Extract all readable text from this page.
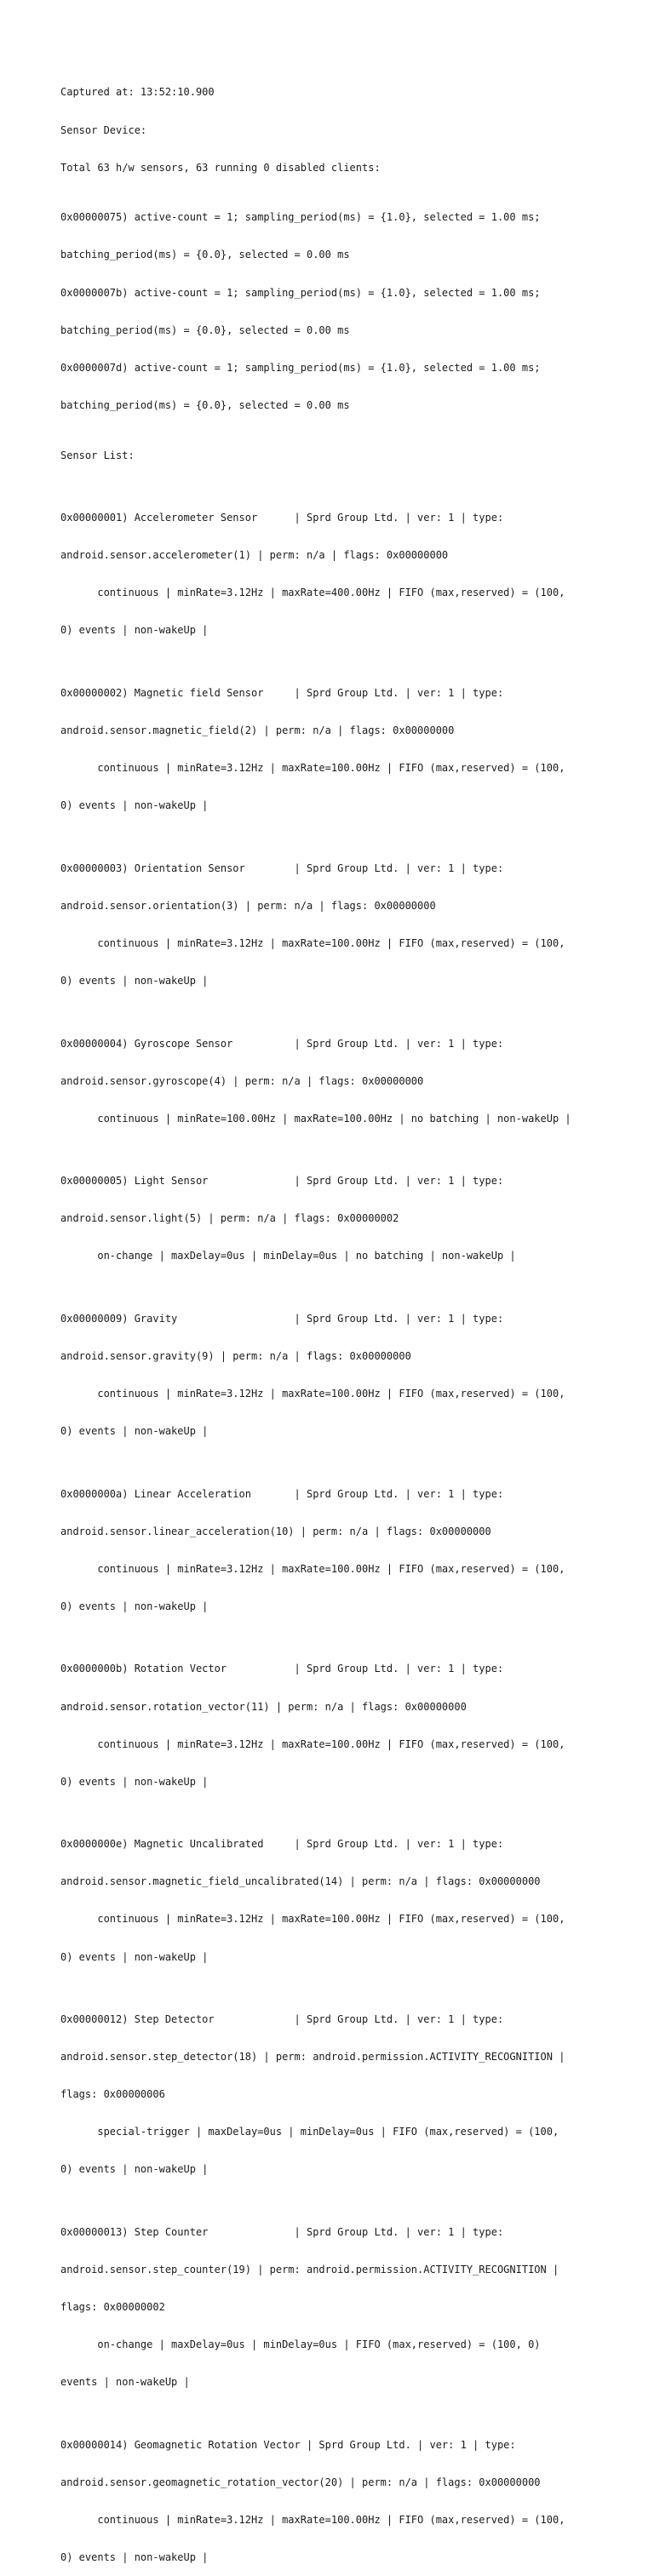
Captured at: 13:52:10.900

Sensor Device:

Total 63 h/w sensors, 63 running 0 disabled clients:

0x00000075) active-count = 1; sampling_period(ms) = {1.0}, selected = 1.00 ms;

batching_period(ms) = {0.0}, selected = 0.00 ms

0x0000007b) active-count = 1; sampling_period(ms) = {1.0}, selected = 1.00 ms;

batching_period(ms) = {0.0}, selected = 0.00 ms

0x0000007d) active-count = 1; sampling_period(ms) = {1.0}, selected = 1.00 ms;

batching_period(ms) = {0.0}, selected = 0.00 ms

Sensor List:

0x00000001) Accelerometer Sensor      | Sprd Group Ltd. | ver: 1 | type:

android.sensor.accelerometer(1) | perm: n/a | flags: 0x00000000

continuous | minRate=3.12Hz | maxRate=400.00Hz | FIFO (max,reserved) = (100,

0) events | non-wakeUp |

0x00000002) Magnetic field Sensor     | Sprd Group Ltd. | ver: 1 | type:

android.sensor.magnetic_field(2) | perm: n/a | flags: 0x00000000

continuous | minRate=3.12Hz | maxRate=100.00Hz | FIFO (max,reserved) = (100,

0) events | non-wakeUp |

0x00000003) Orientation Sensor        | Sprd Group Ltd. | ver: 1 | type:

android.sensor.orientation(3) | perm: n/a | flags: 0x00000000

continuous | minRate=3.12Hz | maxRate=100.00Hz | FIFO (max,reserved) = (100,

0) events | non-wakeUp |

0x00000004) Gyroscope Sensor          | Sprd Group Ltd. | ver: 1 | type:

android.sensor.gyroscope(4) | perm: n/a | flags: 0x00000000

continuous | minRate=100.00Hz | maxRate=100.00Hz | no batching | non-wakeUp |

0x00000005) Light Sensor              | Sprd Group Ltd. | ver: 1 | type:

android.sensor.light(5) | perm: n/a | flags: 0x00000002

on-change | maxDelay=0us | minDelay=0us | no batching | non-wakeUp |

0x00000009) Gravity                   | Sprd Group Ltd. | ver: 1 | type:

android.sensor.gravity(9) | perm: n/a | flags: 0x00000000

continuous | minRate=3.12Hz | maxRate=100.00Hz | FIFO (max,reserved) = (100,

0) events | non-wakeUp |

0x0000000a) Linear Acceleration       | Sprd Group Ltd. | ver: 1 | type:

android.sensor.linear_acceleration(10) | perm: n/a | flags: 0x00000000

continuous | minRate=3.12Hz | maxRate=100.00Hz | FIFO (max,reserved) = (100,

0) events | non-wakeUp |

0x0000000b) Rotation Vector           | Sprd Group Ltd. | ver: 1 | type:

android.sensor.rotation_vector(11) | perm: n/a | flags: 0x00000000

continuous | minRate=3.12Hz | maxRate=100.00Hz | FIFO (max,reserved) = (100,

0) events | non-wakeUp |

0x0000000e) Magnetic Uncalibrated     | Sprd Group Ltd. | ver: 1 | type:

android.sensor.magnetic_field_uncalibrated(14) | perm: n/a | flags: 0x00000000

continuous | minRate=3.12Hz | maxRate=100.00Hz | FIFO (max,reserved) = (100,

0) events | non-wakeUp |

0x00000012) Step Detector             | Sprd Group Ltd. | ver: 1 | type:

android.sensor.step_detector(18) | perm: android.permission.ACTIVITY_RECOGNITION |

flags: 0x00000006

special-trigger | maxDelay=0us | minDelay=0us | FIFO (max,reserved) = (100,

0) events | non-wakeUp |

0x00000013) Step Counter              | Sprd Group Ltd. | ver: 1 | type:

android.sensor.step_counter(19) | perm: android.permission.ACTIVITY_RECOGNITION |

flags: 0x00000002

on-change | maxDelay=0us | minDelay=0us | FIFO (max,reserved) = (100, 0)

events | non-wakeUp |

0x00000014) Geomagnetic Rotation Vector | Sprd Group Ltd. | ver: 1 | type:

android.sensor.geomagnetic_rotation_vector(20) | perm: n/a | flags: 0x00000000

continuous | minRate=3.12Hz | maxRate=100.00Hz | FIFO (max,reserved) = (100,

0) events | non-wakeUp |
